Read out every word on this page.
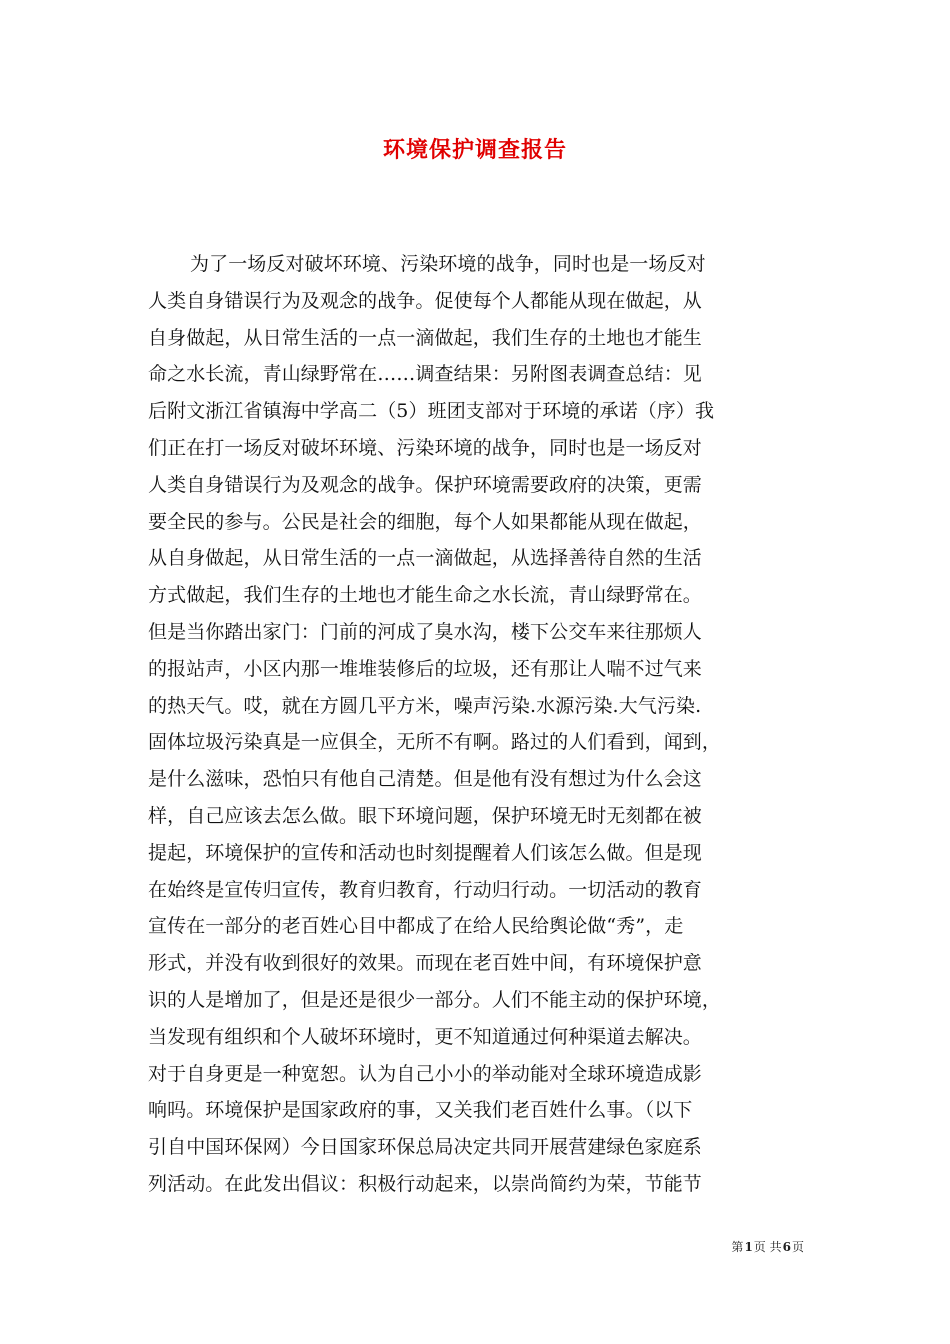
环境保护调查报告
为了一场反对破坏环境、污染环境的战争，同时也是一场反对
人类自身错误行为及观念的战争。促使每个人都能从现在做起，从
自身做起，从日常生活的一点一滴做起，我们生存的土地也才能生
命之水长流，青山绿野常在……调查结果：另附图表调查总结：见
后附文浙江省镇海中学高二（5）班团支部对于环境的承诺（序）我
们正在打一场反对破坏环境、污染环境的战争，同时也是一场反对
人类自身错误行为及观念的战争。保护环境需要政府的决策，更需
要全民的参与。公民是社会的细胞，每个人如果都能从现在做起，
从自身做起，从日常生活的一点一滴做起，从选择善待自然的生活
方式做起，我们生存的土地也才能生命之水长流，青山绿野常在。
但是当你踏出家门：门前的河成了臭水沟，楼下公交车来往那烦人
的报站声，小区内那一堆堆装修后的垃圾，还有那让人喘不过气来
的热天气。哎，就在方圆几平方米，噪声污染.水源污染.大气污染.
固体垃圾污染真是一应俱全，无所不有啊。路过的人们看到，闻到，
是什么滋味，恐怕只有他自己清楚。但是他有没有想过为什么会这
样，自己应该去怎么做。眼下环境问题，保护环境无时无刻都在被
提起，环境保护的宣传和活动也时刻提醒着人们该怎么做。但是现
在始终是宣传归宣传，教育归教育，行动归行动。一切活动的教育
宣传在一部分的老百姓心目中都成了在给人民给舆论做“秀”，走
形式，并没有收到很好的效果。而现在老百姓中间，有环境保护意
识的人是增加了，但是还是很少一部分。人们不能主动的保护环境，
当发现有组织和个人破坏环境时，更不知道通过何种渠道去解决。
对于自身更是一种宽恕。认为自己小小的举动能对全球环境造成影
响吗。环境保护是国家政府的事，又关我们老百姓什么事。（以下
引自中国环保网）今日国家环保总局决定共同开展营建绿色家庭系
列活动。在此发出倡议：积极行动起来，以崇尚简约为荣，节能节
第1页 共6页
